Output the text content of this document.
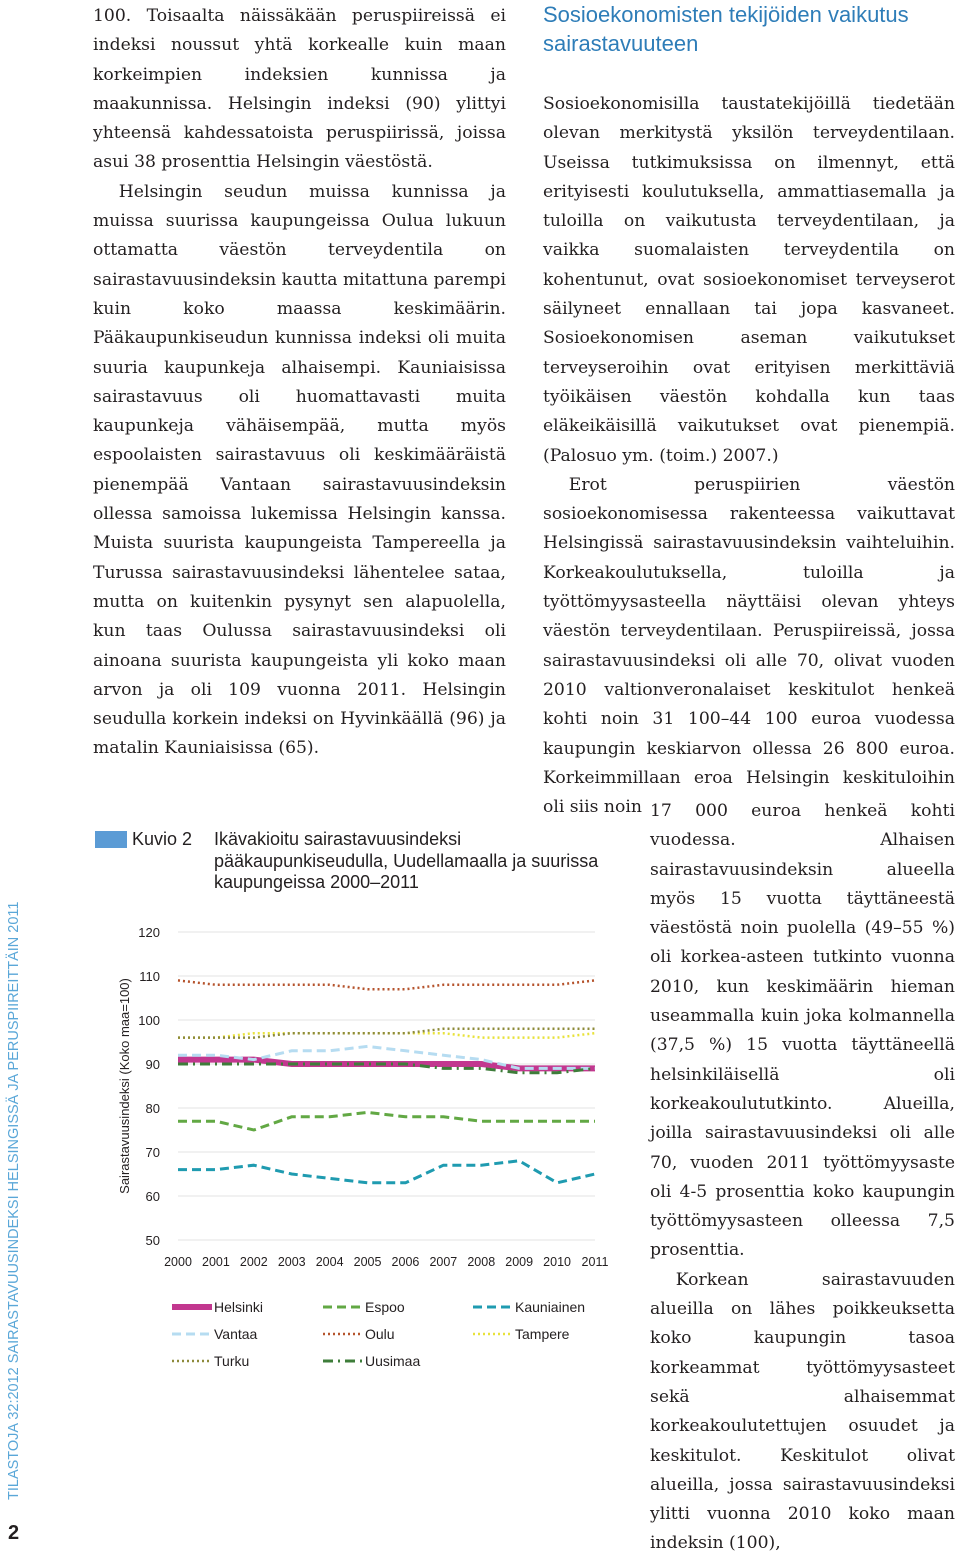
TILASTOJA 32:2012 SAIRASTAVUUSINDEKSI HELSINGISSÄ JA PERUSPIIREITTÄIN 2011
2

100. Toisaalta näissäkään peruspiireissä ei indeksi noussut yhtä korkealle kuin maan korkeimpien indeksien kunnissa ja maakunnissa. Helsingin indeksi (90) ylittyi yhteensä kahdessatoista peruspiirissä, joissa asui 38 prosenttia Helsingin väestöstä.
  Helsingin seudun muissa kunnissa ja muissa suurissa kaupungeissa Oulua lukuun ottamatta väestön terveydentila on sairastavuusindeksin kautta mitattuna parempi kuin koko maassa keskimäärin. Pääkaupunkiseudun kunnissa indeksi oli muita suuria kaupunkeja alhaisempi. Kauniaisissa sairastavuus oli huomattavasti muita kaupunkeja vähäisempää, mutta myös espoolaisten sairastavuus oli keskimääräistä pienempää Vantaan sairastavuusindeksin ollessa samoissa lukemissa Helsingin kanssa. Muista suurista kaupungeista Tampereella ja Turussa sairastavuusindeksi lähentelee sataa, mutta on kuitenkin pysynyt sen alapuolella, kun taas Oulussa sairastavuusindeksi oli ainoana suurista kaupungeista yli koko maan arvon ja oli 109 vuonna 2011. Helsingin seudulla korkein indeksi on Hyvinkäällä (96) ja matalin Kauniaisissa (65).

Sosioekonomisten tekijöiden vaikutus sairastavuuteen

Sosioekonomisilla taustatekijöillä tiedetään olevan merkitystä yksilön terveydentilaan. Useissa tutkimuksissa on ilmennyt, että erityisesti koulutuksella, ammattiasemalla ja tuloilla on vaikutusta terveydentilaan, ja vaikka suomalaisten terveydentila on kohentunut, ovat sosioekonomiset terveyserot säilyneet ennallaan tai jopa kasvaneet. Sosioekonomisen aseman vaikutukset terveyseroihin ovat erityisen merkittäviä työikäisen väestön kohdalla kun taas eläkeikäisillä vaikutukset ovat pienempiä. (Palosuo ym. (toim.) 2007.)
  Erot peruspiirien väestön sosioekonomisessa rakenteessa vaikuttavat Helsingissä sairastavuusindeksin vaihteluihin. Korkeakoulutuksella, tuloilla ja työttömyysasteella näyttäisi olevan yhteys väestön terveydentilaan. Peruspiireissä, jossa sairastavuusindeksi oli alle 70, olivat vuoden 2010 valtionveronalaiset keskitulot henkeä kohti noin 31 100–44 100 euroa vuodessa kaupungin keskiarvon ollessa 26 800 euroa. Korkeimmillaan eroa Helsingin keskituloihin oli siis noin 17 000 euroa henkeä kohti vuodessa. Alhaisen sairastavuusindeksin alueella myös 15 vuotta täyttäneestä väestöstä noin puolella (49–55 %) oli korkea-asteen tutkinto vuonna 2010, kun keskimäärin hieman useammalla kuin joka kolmannella (37,5 %) 15 vuotta täyttäneellä helsinkiläisellä oli korkeakoulututkinto. Alueilla, joilla sairastavuusindeksi oli alle 70, vuoden 2011 työttömyysaste oli 4-5 prosenttia koko kaupungin työttömyysasteen olleessa 7,5 prosenttia.
  Korkean sairastavuuden alueilla on lähes poikkeuksetta koko kaupungin tasoa korkeammat työttömyysasteet sekä alhaisemmat korkeakoulutettujen osuudet ja keskitulot. Keskitulot olivat alueilla, jossa sairastavuusindeksi ylitti vuonna 2010 koko maan indeksin (100),

Kuvio 2 Ikävakioitu sairastavuusindeksi pääkaupunkiseudulla, Uudellamaalla ja suurissa kaupungeissa 2000–2011
Sairastavuusindeksi (Koko maa=100)
50
60
70
80
90
100
110
120
2000 2001 2002 2003 2004 2005 2006 2007 2008 2009 2010 2011
Helsinki	Espoo	Kauniainen
Vantaa	Oulu	Tampere
Turku	Uusimaa
